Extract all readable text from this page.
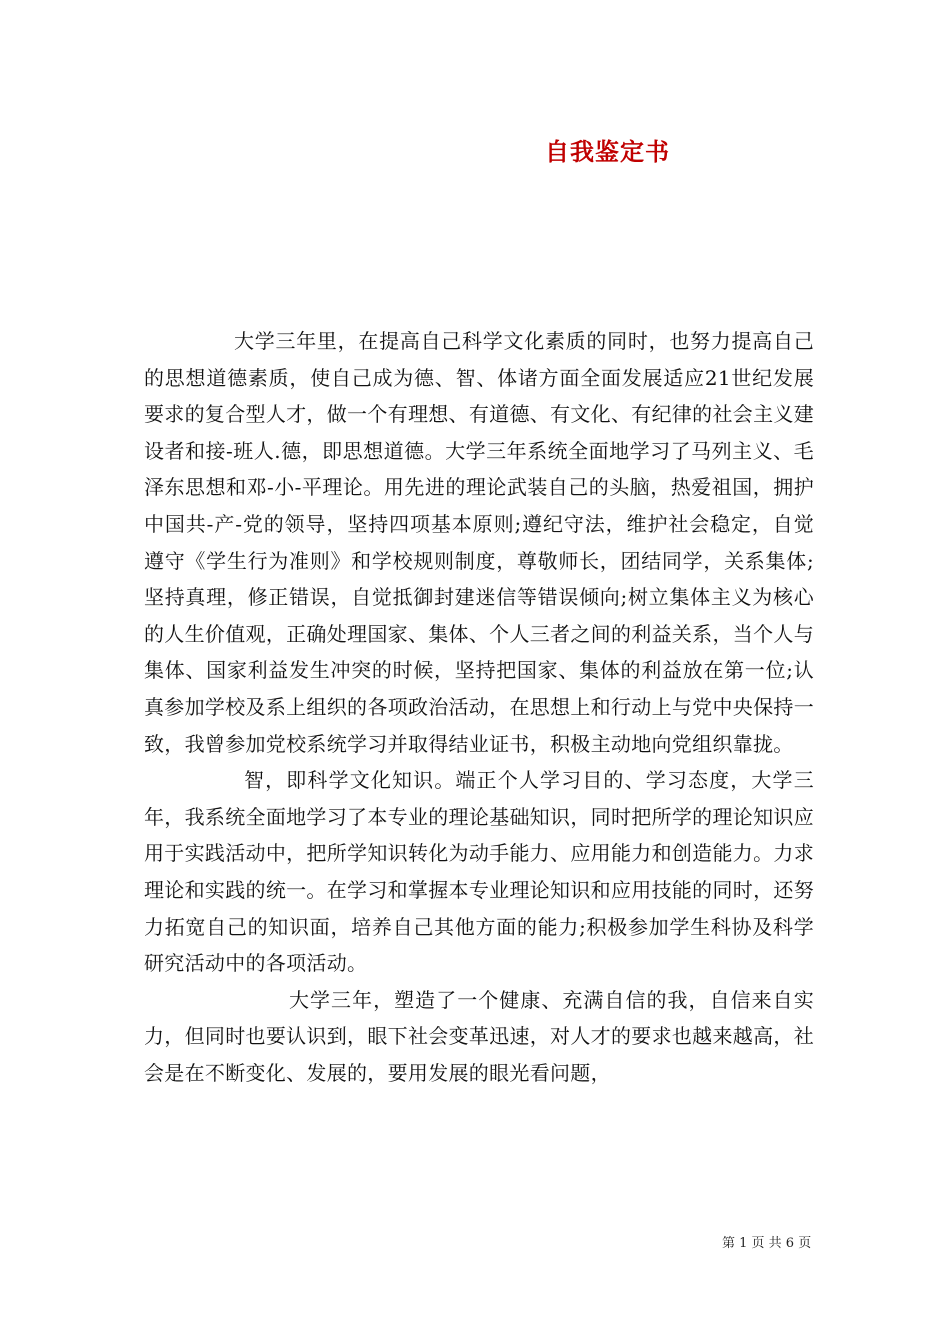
自我鉴定书

大学三年里，在提高自己科学文化素质的同时，也努力提高自己的思想道德素质，使自己成为德、智、体诸方面全面发展适应21世纪发展要求的复合型人才，做一个有理想、有道德、有文化、有纪律的社会主义建设者和接-班人.德，即思想道德。大学三年系统全面地学习了马列主义、毛泽东思想和邓-小-平理论。用先进的理论武装自己的头脑，热爱祖国，拥护中国共-产-党的领导，坚持四项基本原则;遵纪守法，维护社会稳定，自觉遵守《学生行为准则》和学校规则制度，尊敬师长，团结同学，关系集体;坚持真理，修正错误，自觉抵御封建迷信等错误倾向;树立集体主义为核心的人生价值观，正确处理国家、集体、个人三者之间的利益关系，当个人与集体、国家利益发生冲突的时候，坚持把国家、集体的利益放在第一位;认真参加学校及系上组织的各项政治活动，在思想上和行动上与党中央保持一致，我曾参加党校系统学习并取得结业证书，积极主动地向党组织靠拢。

智，即科学文化知识。端正个人学习目的、学习态度，大学三年，我系统全面地学习了本专业的理论基础知识，同时把所学的理论知识应用于实践活动中，把所学知识转化为动手能力、应用能力和创造能力。力求理论和实践的统一。在学习和掌握本专业理论知识和应用技能的同时，还努力拓宽自己的知识面，培养自己其他方面的能力;积极参加学生科协及科学研究活动中的各项活动。

大学三年，塑造了一个健康、充满自信的我，自信来自实力，但同时也要认识到，眼下社会变革迅速，对人才的要求也越来越高，社会是在不断变化、发展的，要用发展的眼光看问题，

第 1 页 共 6 页
